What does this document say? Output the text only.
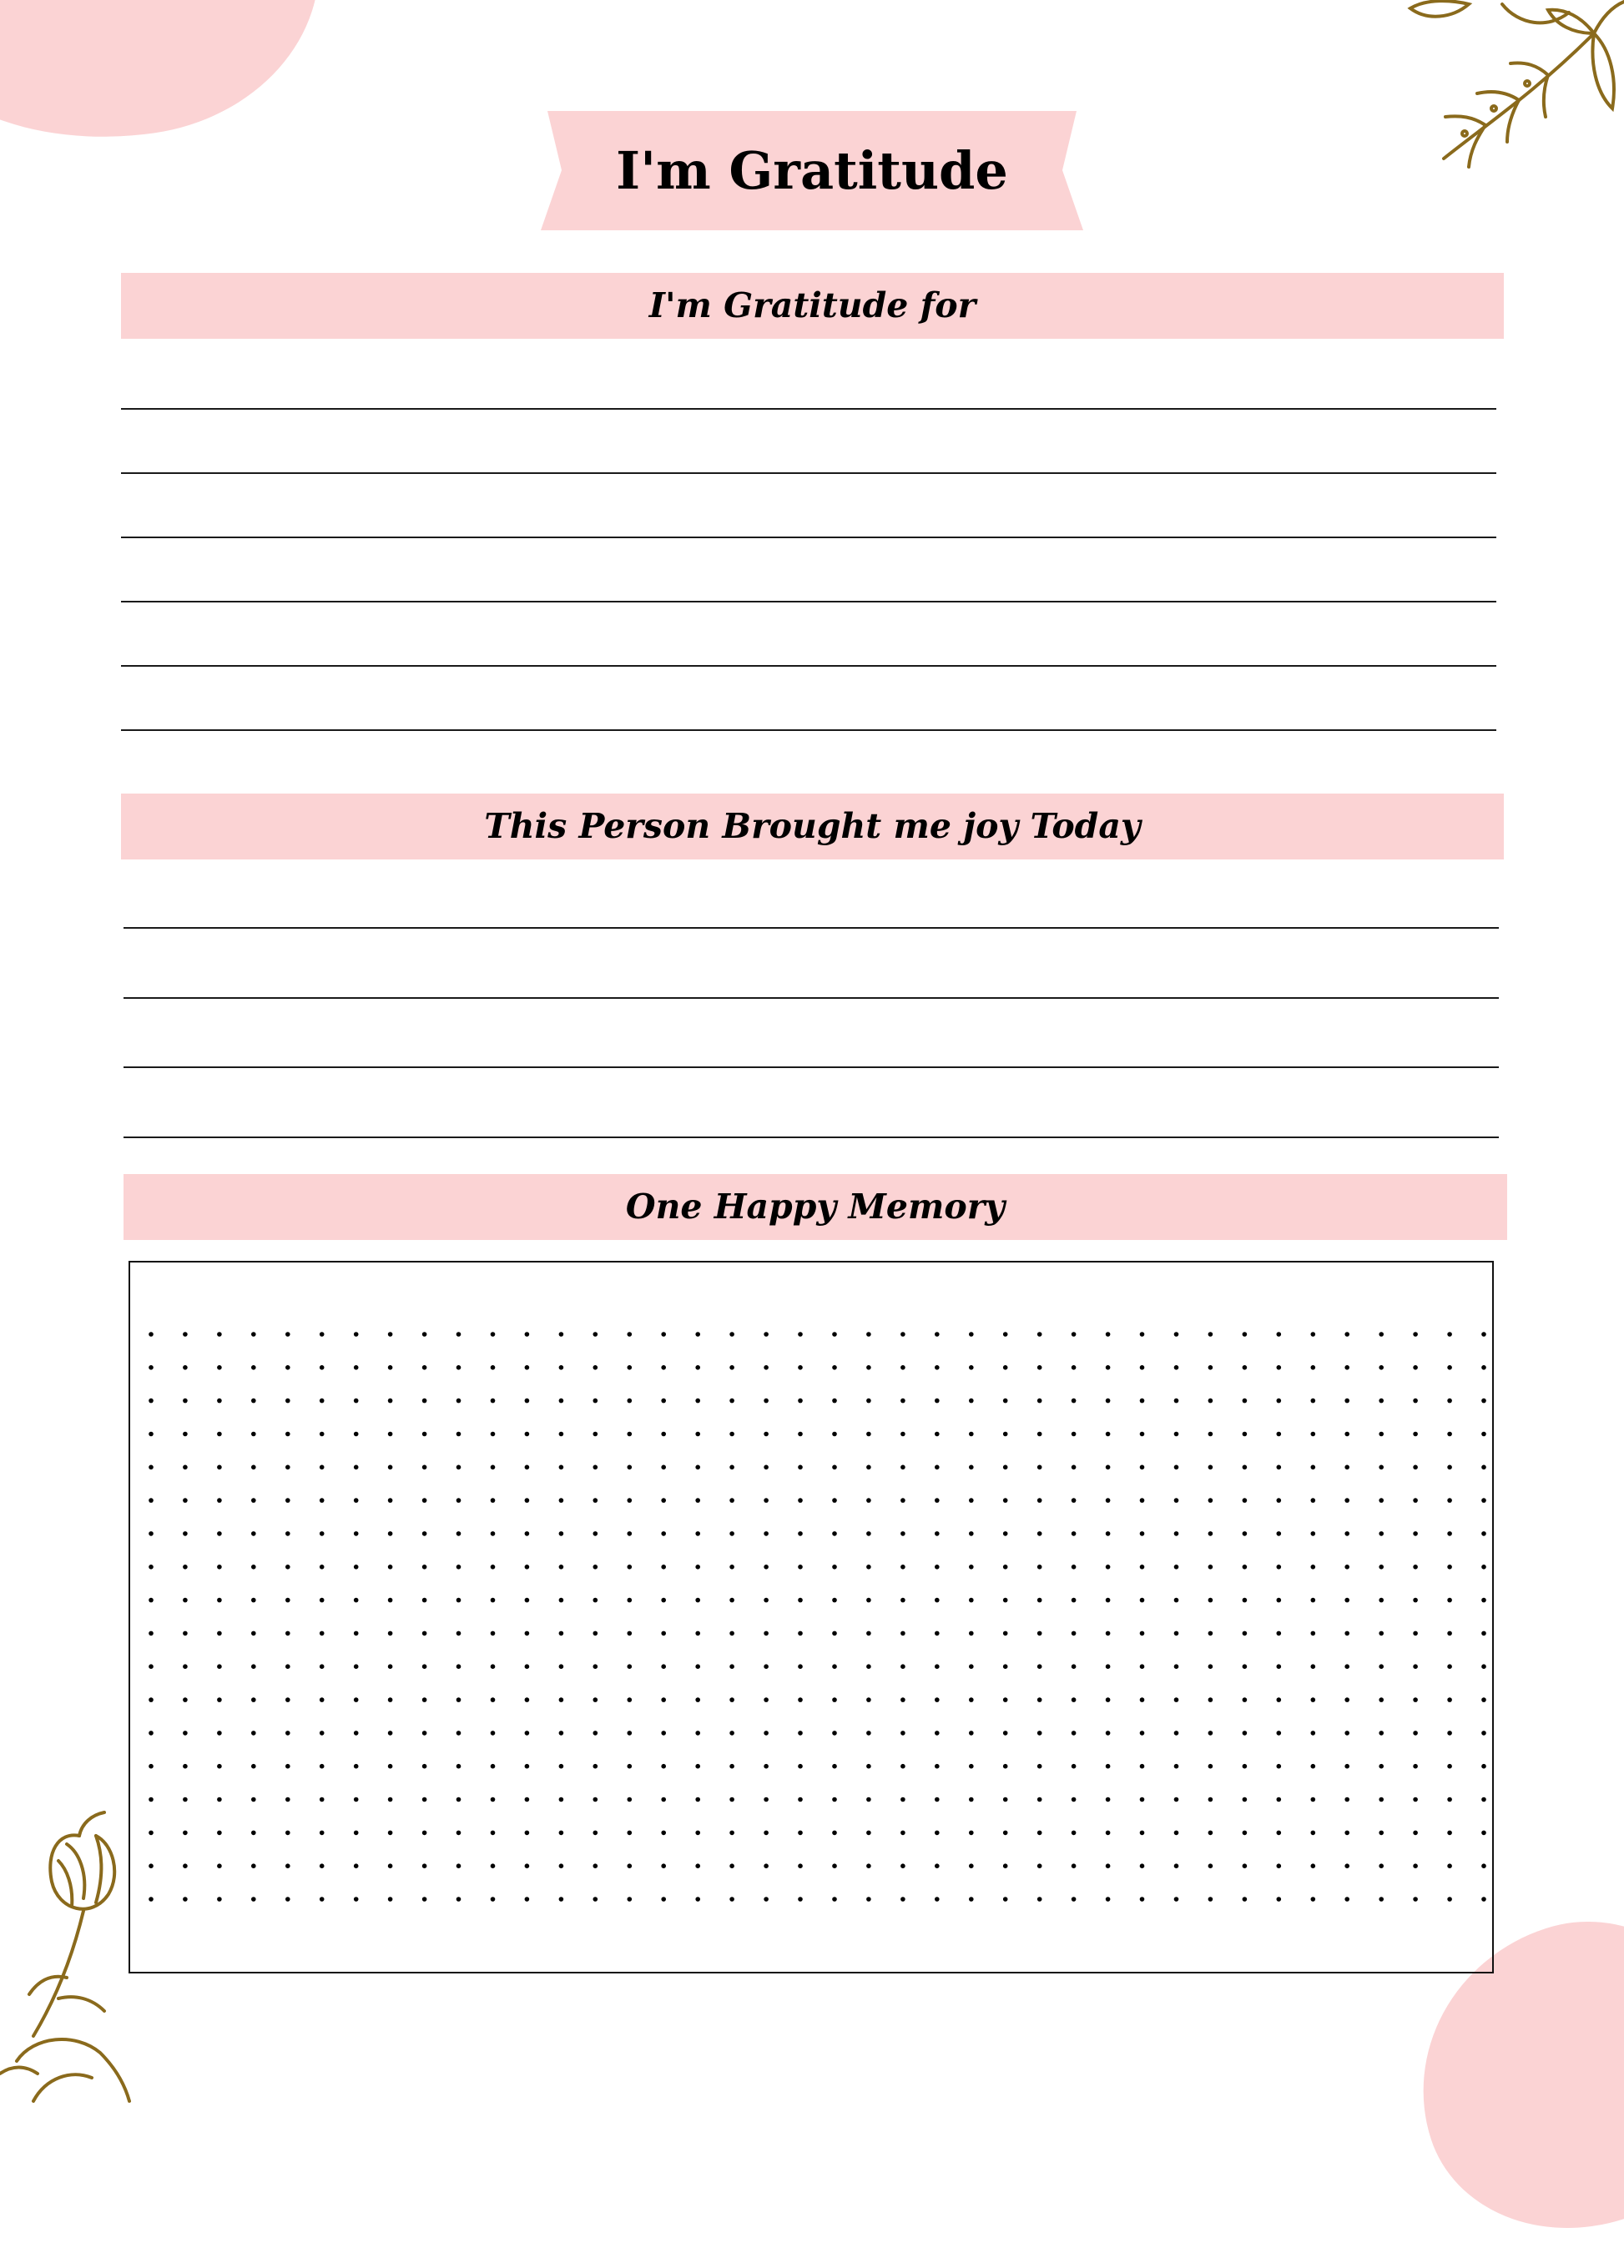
I'm Gratitude
I'm Gratitude for
This Person Brought me joy Today
One Happy Memory
